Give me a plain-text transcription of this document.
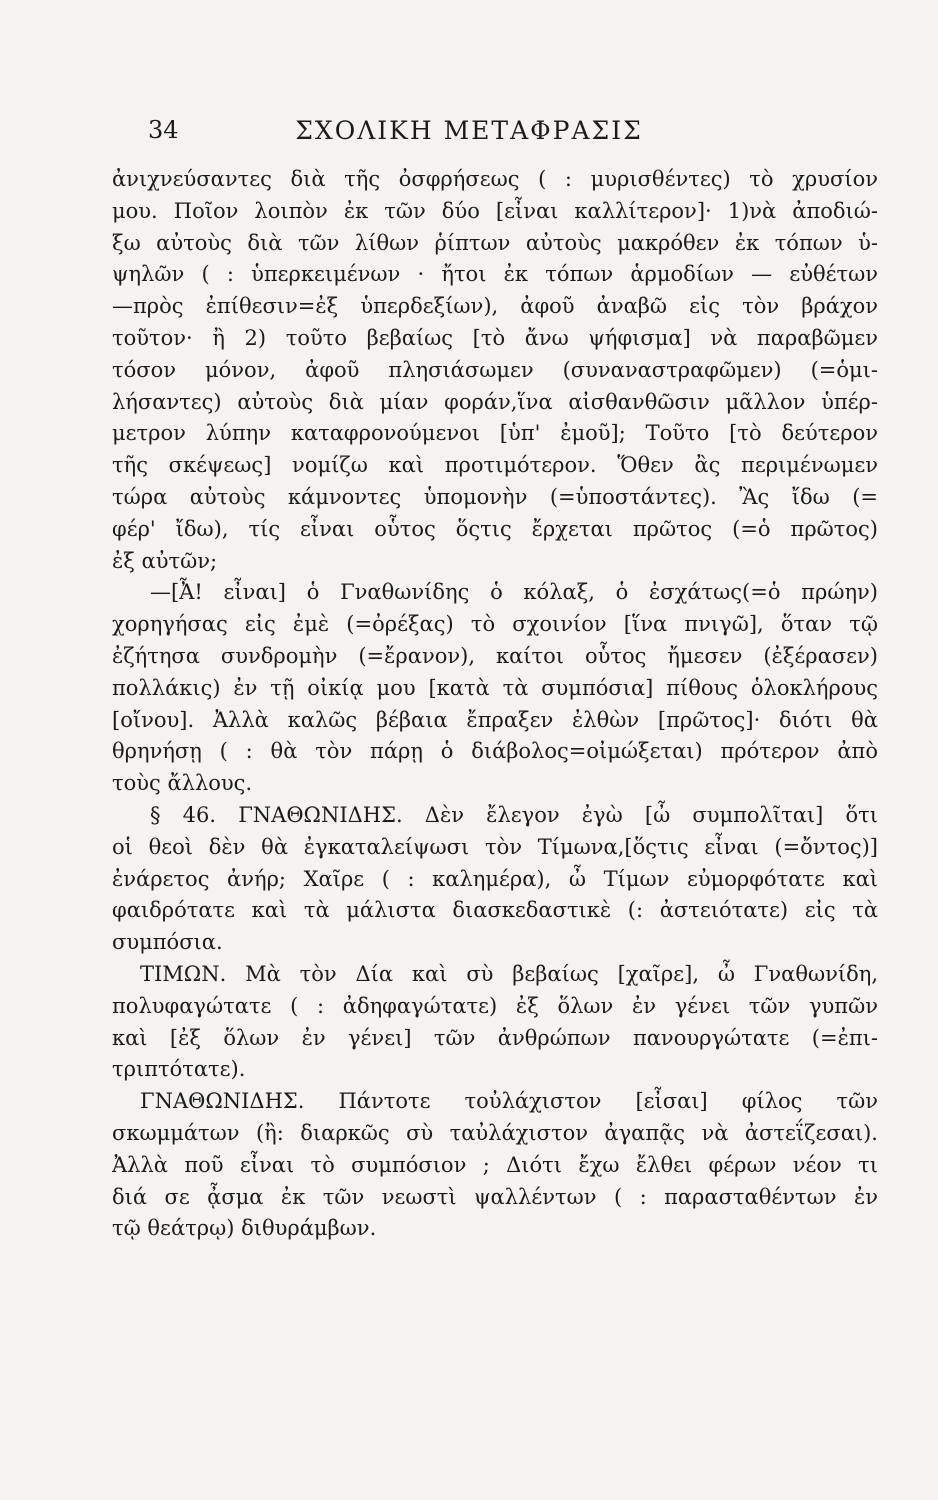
34	ΣΧΟΛΙΚΗ ΜΕΤΑΦΡΑΣΙΣ
ἀνιχνεύσαντες διὰ τῆς ὀσφρήσεως ( : μυρισθέντες) τὸ χρυσίον
μου. Ποῖον λοιπὸν ἐκ τῶν δύο [εἶναι καλλίτερον]· 1)νὰ ἀποδιώ-
ξω αὐτοὺς διὰ τῶν λίθων ῥίπτων αὐτοὺς μακρόθεν ἐκ τόπων ὑ-
ψηλῶν ( : ὑπερκειμένων · ἤτοι ἐκ τόπων ἁρμοδίων — εὐθέτων
—πρὸς ἐπίθεσιν=ἐξ ὑπερδεξίων), ἀφοῦ ἀναβῶ εἰς τὸν βράχον
τοῦτον· ἢ 2) τοῦτο βεβαίως [τὸ ἄνω ψήφισμα] νὰ παραβῶμεν
τόσον μόνον, ἀφοῦ πλησιάσωμεν (συναναστραφῶμεν) (=ὁμι-
λήσαντες) αὐτοὺς διὰ μίαν φοράν,ἵνα αἰσθανθῶσιν μᾶλλον ὑπέρ-
μετρον λύπην καταφρονούμενοι [ὑπ' ἐμοῦ]; Τοῦτο [τὸ δεύτερον
τῆς σκέψεως] νομίζω καὶ προτιμότερον. Ὅθεν ἂς περιμένωμεν
τώρα αὐτοὺς κάμνοντες ὑπομονὴν (=ὑποστάντες). Ἂς ἴδω (=
φέρ' ἴδω), τίς εἶναι οὗτος ὅςτις ἔρχεται πρῶτος (=ὁ πρῶτος)
ἐξ αὐτῶν;
—[Ἆ! εἶναι] ὁ Γναθωνίδης ὁ κόλαξ, ὁ ἐσχάτως(=ὁ πρώην)
χορηγήσας εἰς ἐμὲ (=ὀρέξας) τὸ σχοινίον [ἵνα πνιγῶ], ὅταν τῷ
ἐζήτησα συνδρομὴν (=ἔρανον), καίτοι οὗτος ἤμεσεν (ἐξέρασεν)
πολλάκις) ἐν τῇ οἰκίᾳ μου [κατὰ τὰ συμπόσια] πίθους ὁλοκλήρους
[οἴνου]. Ἀλλὰ καλῶς βέβαια ἔπραξεν ἐλθὼν [πρῶτος]· διότι θὰ
θρηνήσῃ ( : θὰ τὸν πάρῃ ὁ διάβολος=οἰμώξεται) πρότερον ἀπὸ
τοὺς ἄλλους.
§ 46. ΓΝΑΘΩΝΙΔΗΣ. Δὲν ἔλεγον ἐγὼ [ὦ συμπολῖται] ὅτι
οἱ θεοὶ δὲν θὰ ἐγκαταλείψωσι τὸν Τίμωνα,[ὅςτις εἶναι (=ὄντος)]
ἐνάρετος ἀνήρ; Χαῖρε ( : καλημέρα), ὦ Τίμων εὐμορφότατε καὶ
φαιδρότατε καὶ τὰ μάλιστα διασκεδαστικὲ (: ἀστειότατε) εἰς τὰ
συμπόσια.
ΤΙΜΩΝ. Μὰ τὸν Δία καὶ σὺ βεβαίως [χαῖρε], ὦ Γναθωνίδη,
πολυφαγώτατε ( : ἀδηφαγώτατε) ἐξ ὅλων ἐν γένει τῶν γυπῶν
καὶ [ἐξ ὅλων ἐν γένει] τῶν ἀνθρώπων πανουργώτατε (=ἐπι-
τριπτότατε).
ΓΝΑΘΩΝΙΔΗΣ. Πάντοτε τοὐλάχιστον [εἶσαι] φίλος τῶν
σκωμμάτων (ἢ: διαρκῶς σὺ ταὐλάχιστον ἀγαπᾷς νὰ ἀστεΐζεσαι).
Ἀλλὰ ποῦ εἶναι τὸ συμπόσιον ; Διότι ἔχω ἔλθει φέρων νέον τι
διά σε ᾆσμα ἐκ τῶν νεωστὶ ψαλλέντων ( : παρασταθέντων ἐν
τῷ θεάτρῳ) διθυράμβων.
